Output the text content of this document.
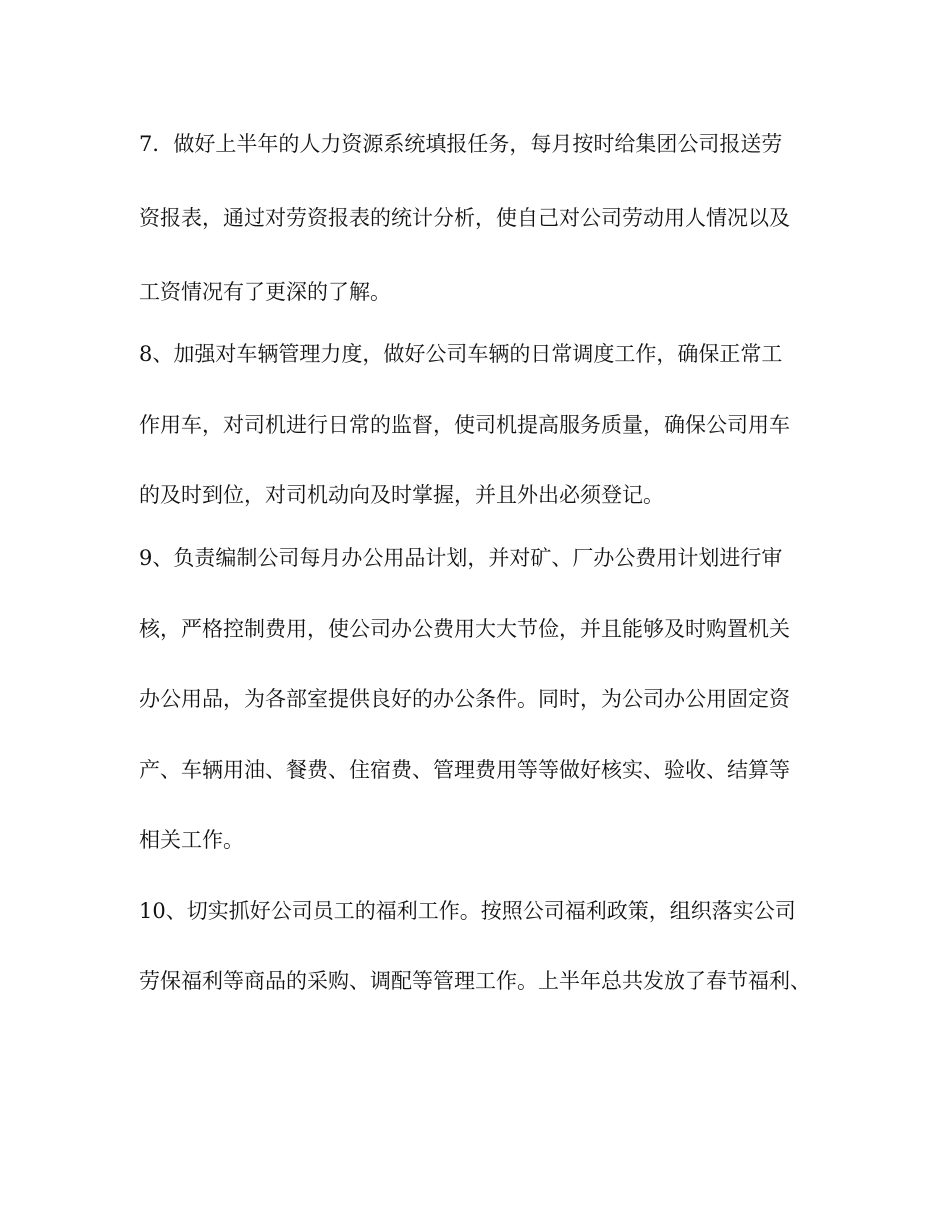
7．做好上半年的人力资源系统填报任务，每月按时给集团公司报送劳
资报表，通过对劳资报表的统计分析，使自己对公司劳动用人情况以及
工资情况有了更深的了解。
8、加强对车辆管理力度，做好公司车辆的日常调度工作，确保正常工
作用车，对司机进行日常的监督，使司机提高服务质量，确保公司用车
的及时到位，对司机动向及时掌握，并且外出必须登记。
9、负责编制公司每月办公用品计划，并对矿、厂办公费用计划进行审
核，严格控制费用，使公司办公费用大大节俭，并且能够及时购置机关
办公用品，为各部室提供良好的办公条件。同时，为公司办公用固定资
产、车辆用油、餐费、住宿费、管理费用等等做好核实、验收、结算等
相关工作。
10、切实抓好公司员工的福利工作。按照公司福利政策，组织落实公司
劳保福利等商品的采购、调配等管理工作。上半年总共发放了春节福利、
